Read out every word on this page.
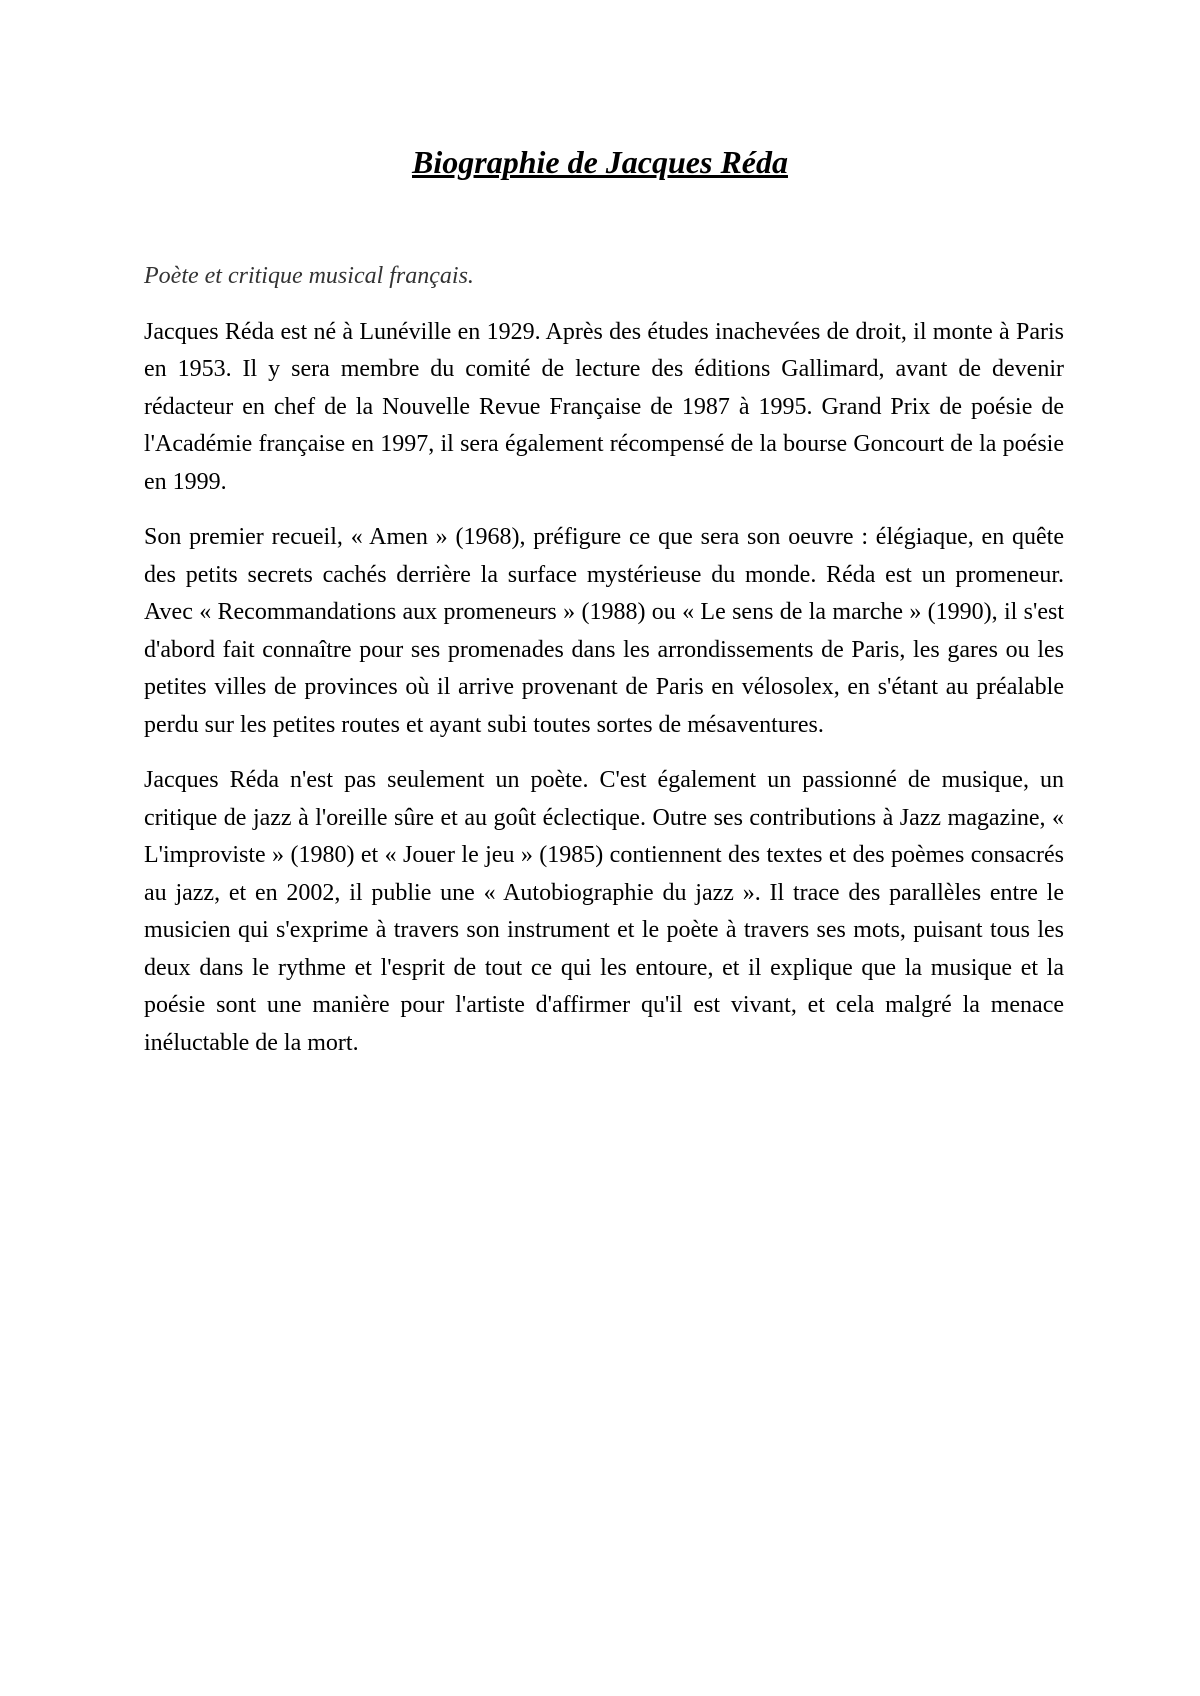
Biographie de Jacques Réda

Poète et critique musical français.

Jacques Réda est né à Lunéville en 1929. Après des études inachevées de droit, il monte à Paris en 1953. Il y sera membre du comité de lecture des éditions Gallimard, avant de devenir rédacteur en chef de la Nouvelle Revue Française de 1987 à 1995. Grand Prix de poésie de l'Académie française en 1997, il sera également récompensé de la bourse Goncourt de la poésie en 1999.

Son premier recueil, « Amen » (1968), préfigure ce que sera son oeuvre : élégiaque, en quête des petits secrets cachés derrière la surface mystérieuse du monde. Réda est un promeneur. Avec « Recommandations aux promeneurs » (1988) ou « Le sens de la marche » (1990), il s'est d'abord fait connaître pour ses promenades dans les arrondissements de Paris, les gares ou les petites villes de provinces où il arrive provenant de Paris en vélosolex, en s'étant au préalable perdu sur les petites routes et ayant subi toutes sortes de mésaventures.

Jacques Réda n'est pas seulement un poète. C'est également un passionné de musique, un critique de jazz à l'oreille sûre et au goût éclectique. Outre ses contributions à Jazz magazine, « L'improviste » (1980) et « Jouer le jeu » (1985) contiennent des textes et des poèmes consacrés au jazz, et en 2002, il publie une « Autobiographie du jazz ». Il trace des parallèles entre le musicien qui s'exprime à travers son instrument et le poète à travers ses mots, puisant tous les deux dans le rythme et l'esprit de tout ce qui les entoure, et il explique que la musique et la poésie sont une manière pour l'artiste d'affirmer qu'il est vivant, et cela malgré la menace inéluctable de la mort.
